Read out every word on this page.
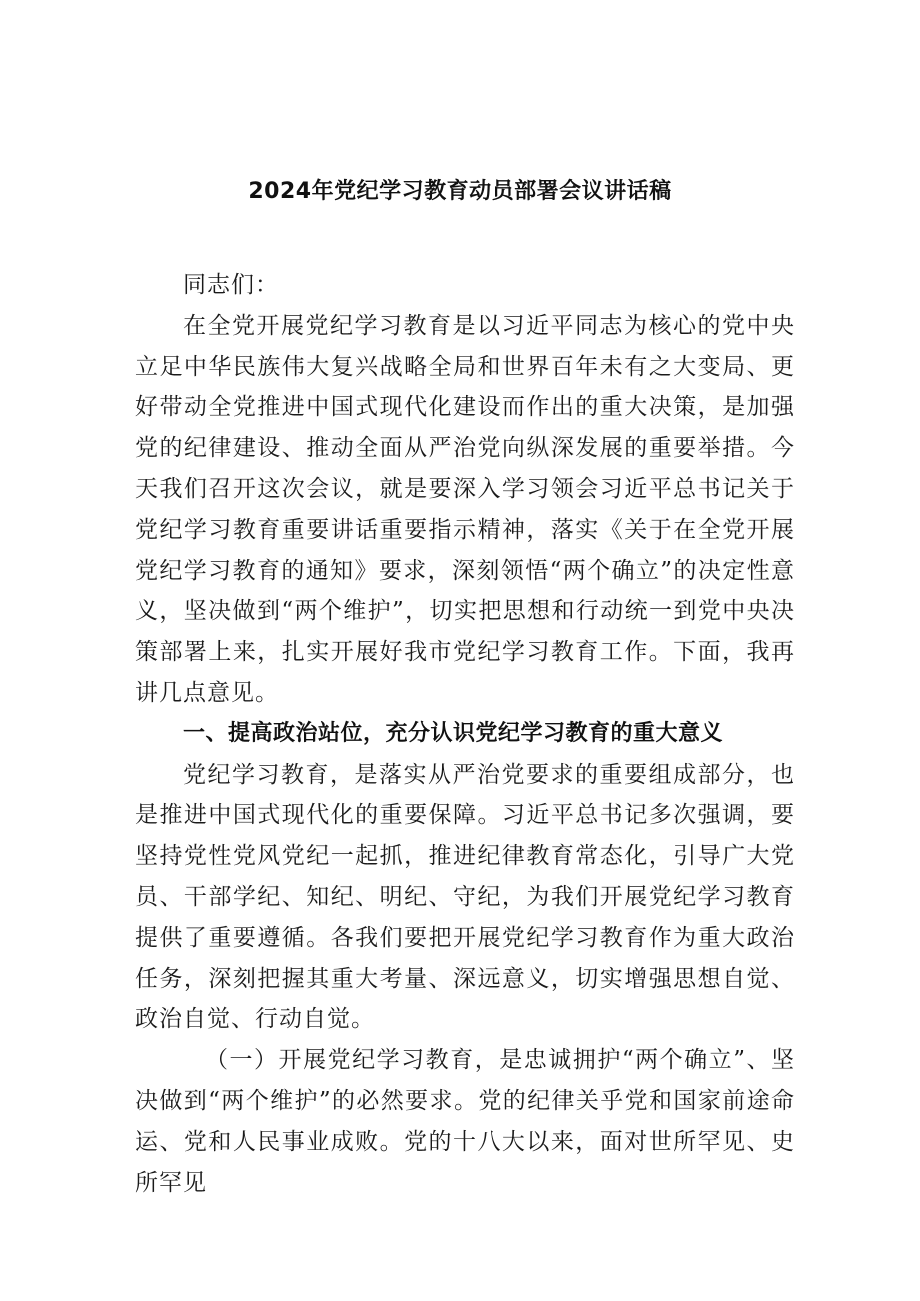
2024年党纪学习教育动员部署会议讲话稿

同志们：

在全党开展党纪学习教育是以习近平同志为核心的党中央立足中华民族伟大复兴战略全局和世界百年未有之大变局、更好带动全党推进中国式现代化建设而作出的重大决策，是加强党的纪律建设、推动全面从严治党向纵深发展的重要举措。今天我们召开这次会议，就是要深入学习领会习近平总书记关于党纪学习教育重要讲话重要指示精神，落实《关于在全党开展党纪学习教育的通知》要求，深刻领悟“两个确立”的决定性意义，坚决做到“两个维护”，切实把思想和行动统一到党中央决策部署上来，扎实开展好我市党纪学习教育工作。下面，我再讲几点意见。

一、提高政治站位，充分认识党纪学习教育的重大意义

党纪学习教育，是落实从严治党要求的重要组成部分，也是推进中国式现代化的重要保障。习近平总书记多次强调，要坚持党性党风党纪一起抓，推进纪律教育常态化，引导广大党员、干部学纪、知纪、明纪、守纪，为我们开展党纪学习教育提供了重要遵循。各我们要把开展党纪学习教育作为重大政治任务，深刻把握其重大考量、深远意义，切实增强思想自觉、政治自觉、行动自觉。

（一）开展党纪学习教育，是忠诚拥护“两个确立”、坚决做到“两个维护”的必然要求。党的纪律关乎党和国家前途命运、党和人民事业成败。党的十八大以来，面对世所罕见、史所罕见
